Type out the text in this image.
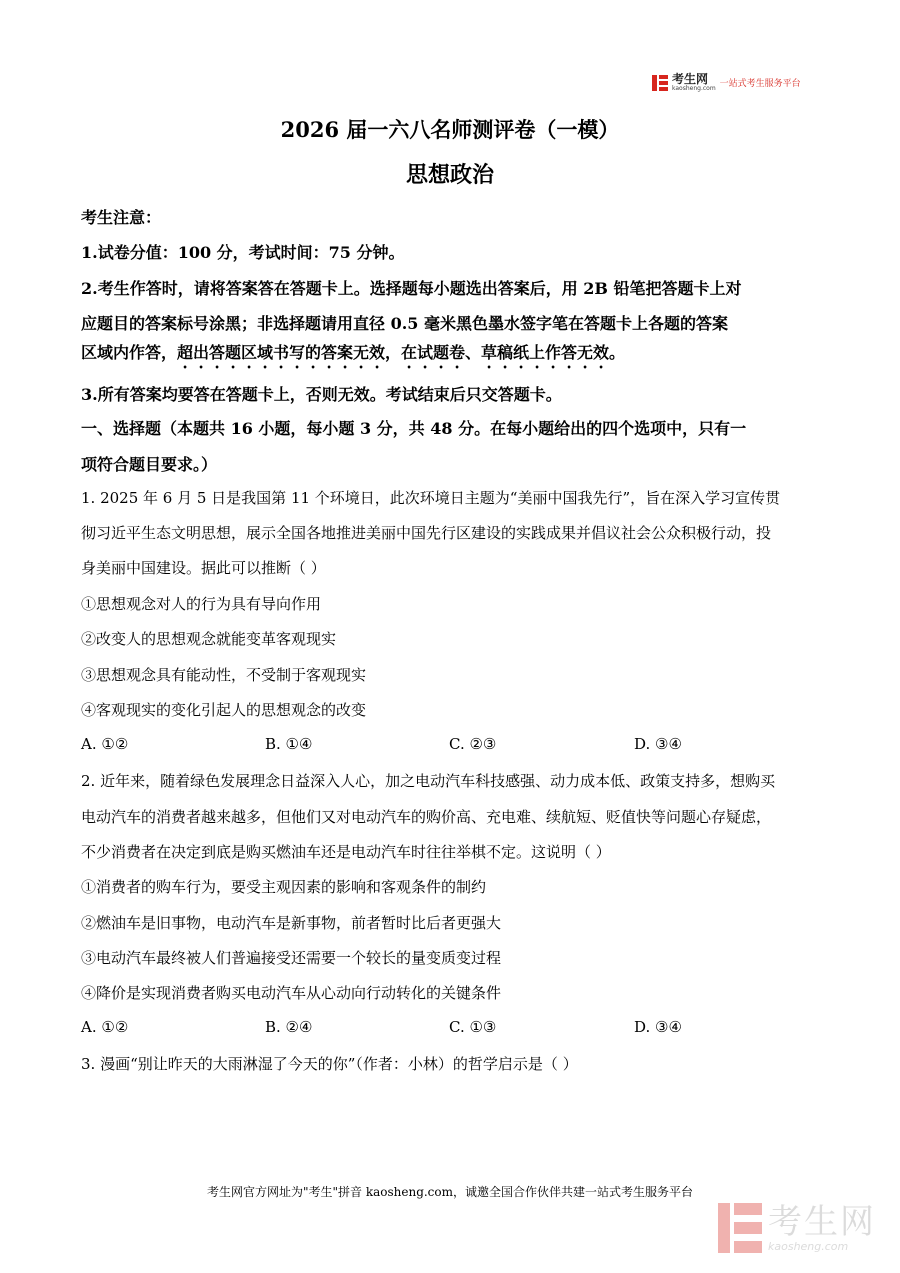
考生网
kaosheng.com 一站式考生服务平台
2026 届一六八名师测评卷（一模）
思想政治
考生注意：
1.试卷分值：100 分，考试时间：75 分钟。
2.考生作答时，请将答案答在答题卡上。选择题每小题选出答案后，用 2B 铅笔把答题卡上对
应题目的答案标号涂黑；非选择题请用直径 0.5 毫米黑色墨水签字笔在答题卡上各题的答案
区域内作答，超出答题区域书写的答案无效，在试题卷、草稿纸上作答无效。
3.所有答案均要答在答题卡上，否则无效。考试结束后只交答题卡。
一、选择题（本题共 16 小题，每小题 3 分，共 48 分。在每小题给出的四个选项中，只有一
项符合题目要求。）
1. 2025 年 6 月 5 日是我国第 11 个环境日，此次环境日主题为“美丽中国我先行”，旨在深入学习宣传贯
彻习近平生态文明思想，展示全国各地推进美丽中国先行区建设的实践成果并倡议社会公众积极行动，投
身美丽中国建设。据此可以推断（ ）
①思想观念对人的行为具有导向作用
②改变人的思想观念就能变革客观现实
③思想观念具有能动性，不受制于客观现实
④客观现实的变化引起人的思想观念的改变
A. ①②	B. ①④	C. ②③	D. ③④
2. 近年来，随着绿色发展理念日益深入人心，加之电动汽车科技感强、动力成本低、政策支持多，想购买
电动汽车的消费者越来越多，但他们又对电动汽车的购价高、充电难、续航短、贬值快等问题心存疑虑，
不少消费者在决定到底是购买燃油车还是电动汽车时往往举棋不定。这说明（ ）
①消费者的购车行为，要受主观因素的影响和客观条件的制约
②燃油车是旧事物，电动汽车是新事物，前者暂时比后者更强大
③电动汽车最终被人们普遍接受还需要一个较长的量变质变过程
④降价是实现消费者购买电动汽车从心动向行动转化的关键条件
A. ①②	B. ②④	C. ①③	D. ③④
3. 漫画“别让昨天的大雨淋湿了今天的你”（作者：小林）的哲学启示是（ ）
考生网官方网址为"考生"拼音 kaosheng.com，诚邀全国合作伙伴共建一站式考生服务平台
考生网
kaosheng.com
